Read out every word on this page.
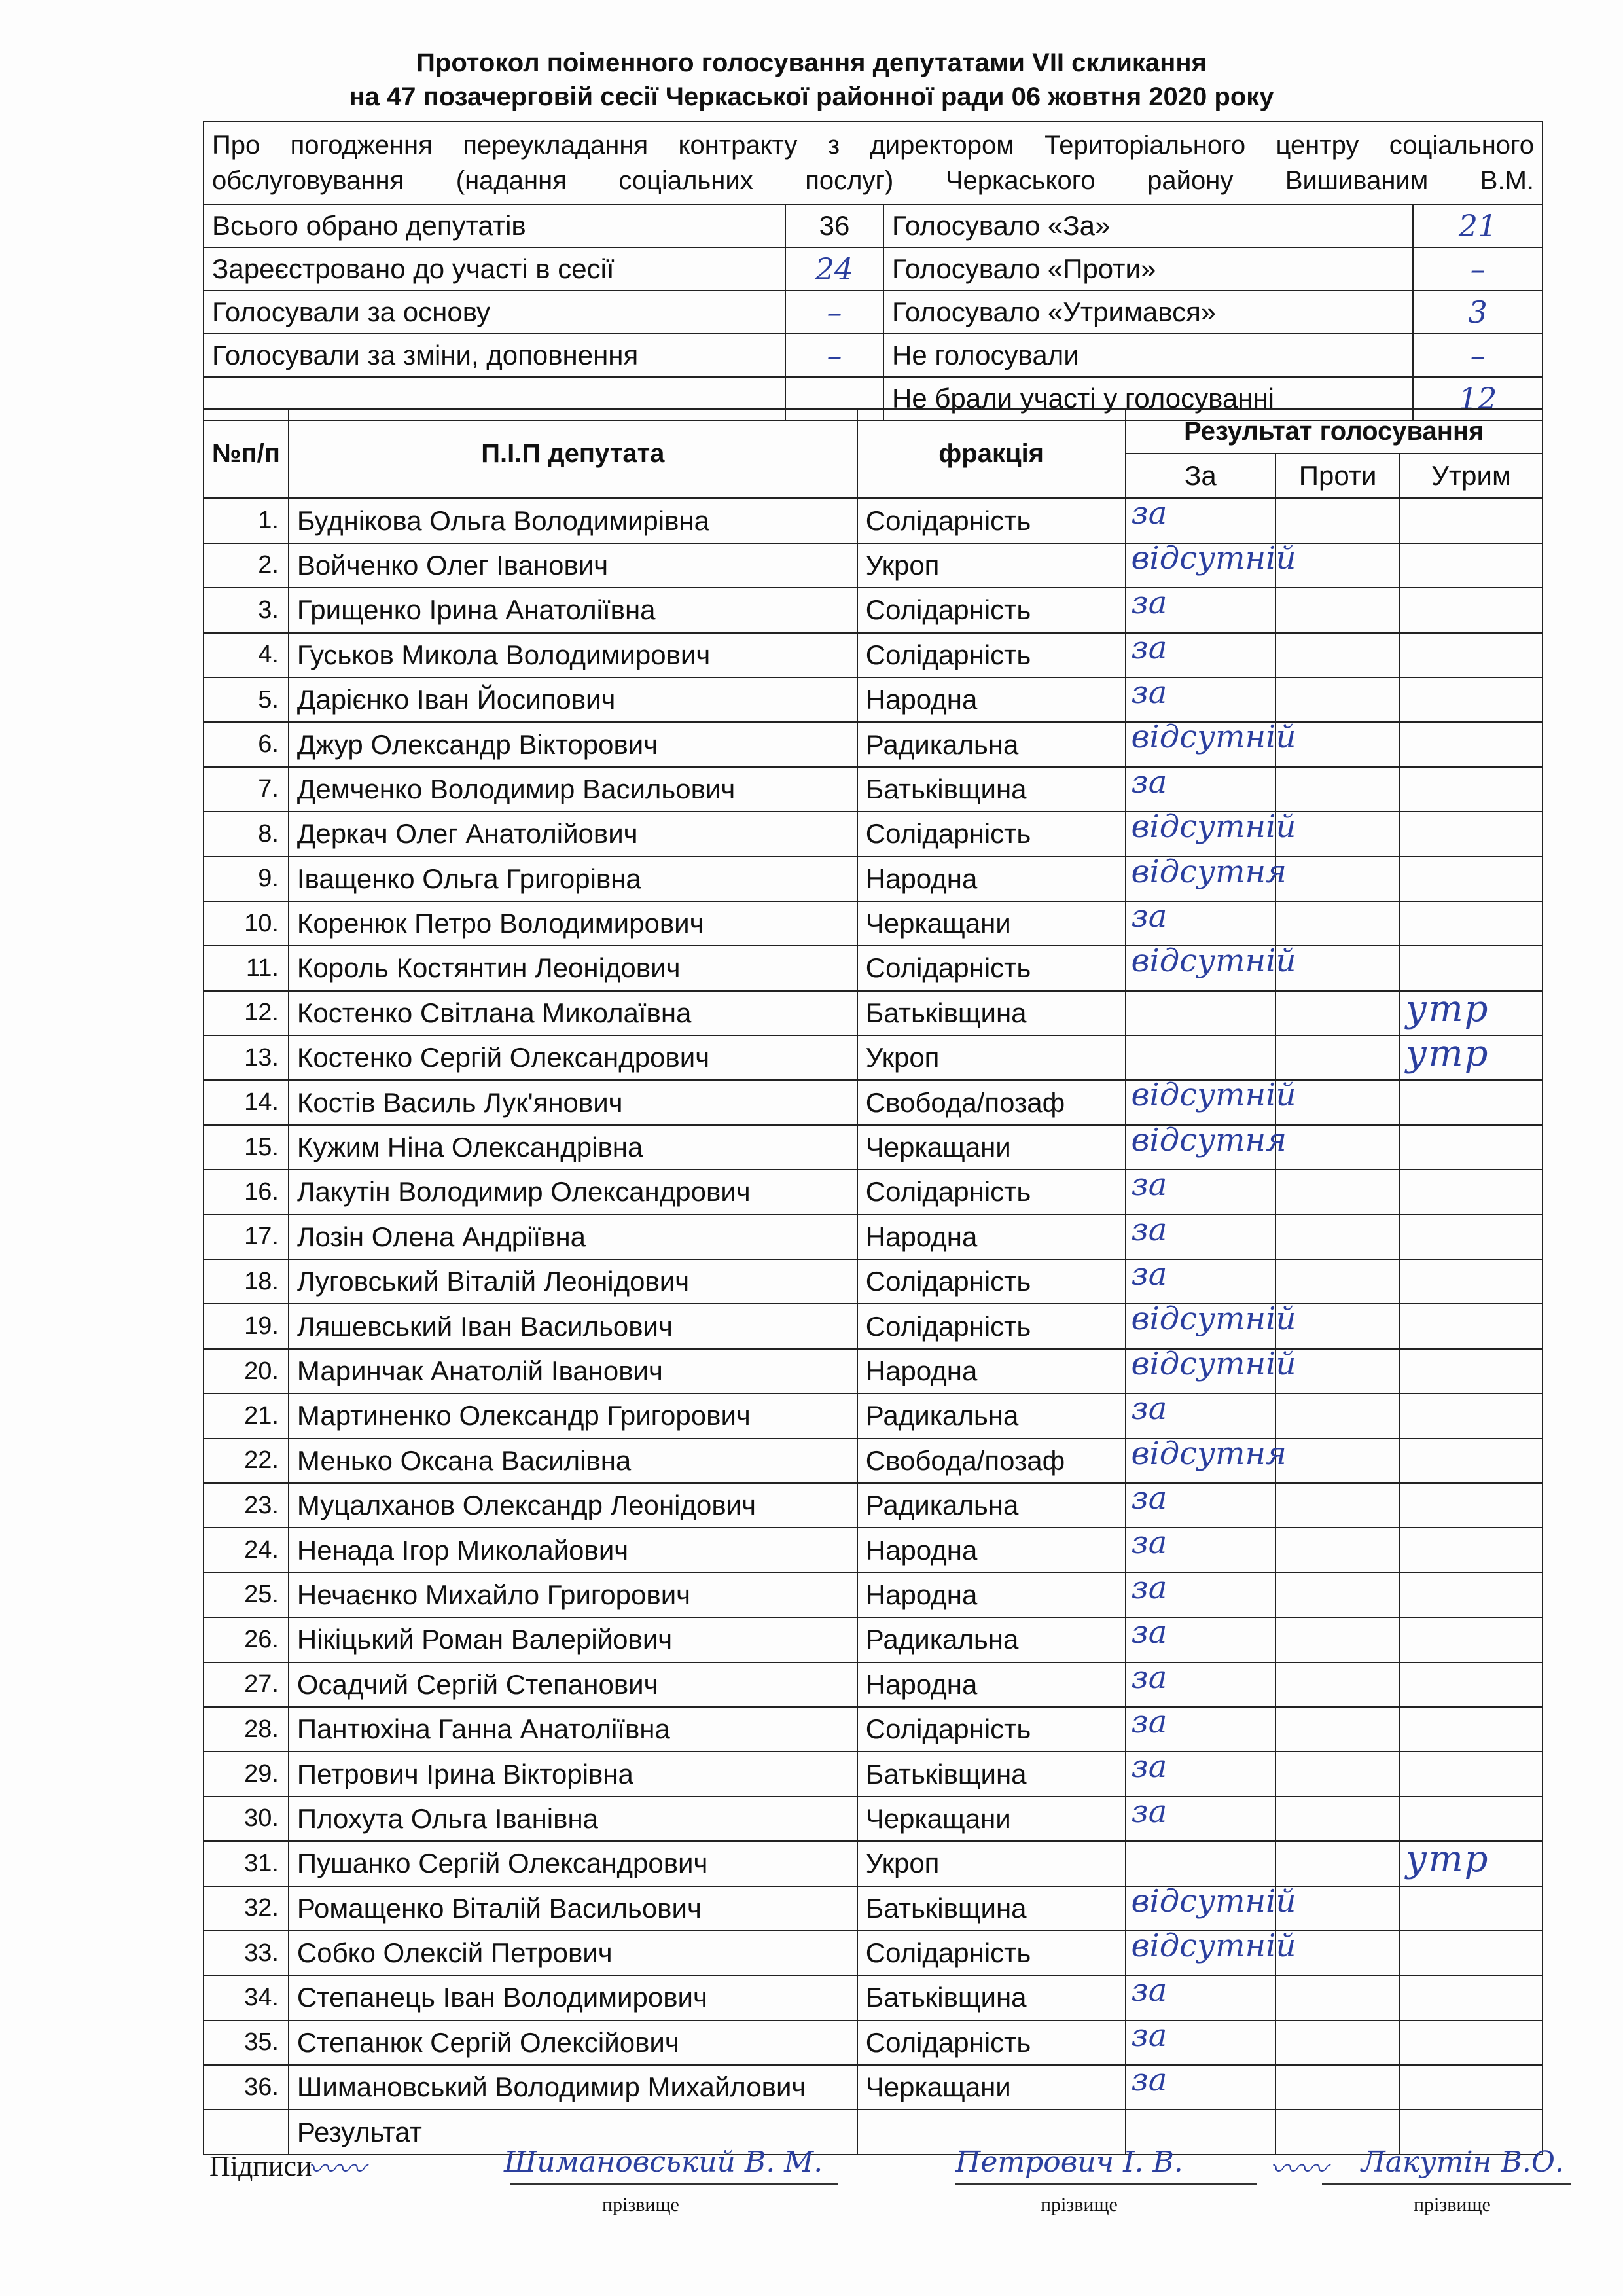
Протокол поіменного голосування депутатами VII скликання
на 47 позачерговій сесії Черкаської районної ради 06 жовтня 2020 року
Про погодження переукладання контракту з директором Територіального центру соціального обслуговування (надання соціальних послуг) Черкаського району Вишиваним В.М.			
Всього обрано депутатів	36	Голосувало «За»	21
Зареєстровано до участі в сесії	24	Голосувало «Проти»	–
Голосували за основу	–	Голосувало «Утримався»	3
Голосували за зміни, доповнення	–	Не голосували	–
		Не брали участі у голосуванні	12
№п/п	П.І.П депутата	фракція	Результат голосування		
			За	Проти	Утрим
1.	Буднікова Ольга Володимирівна	Солідарність	за		

2.	Войченко Олег Іванович	Укроп	відсутній		

3.	Грищенко Ірина Анатоліївна	Солідарність	за		

4.	Гуськов Микола Володимирович	Солідарність	за		

5.	Дарієнко Іван Йосипович	Народна	за		

6.	Джур Олександр Вікторович	Радикальна	відсутній		

7.	Демченко Володимир Васильович	Батьківщина	за		

8.	Деркач Олег Анатолійович	Солідарність	відсутній		

9.	Іващенко Ольга Григорівна	Народна	відсутня		

10.	Коренюк Петро Володимирович	Черкащани	за		

11.	Король Костянтин Леонідович	Солідарність	відсутній		

12.	Костенко Світлана Миколаївна	Батьківщина			утр

13.	Костенко Сергій Олександрович	Укроп			утр

14.	Костів Василь Лук'янович	Свобода/позаф	відсутній		

15.	Кужим Ніна Олександрівна	Черкащани	відсутня		

16.	Лакутін Володимир Олександрович	Солідарність	за		

17.	Лозін Олена Андріївна	Народна	за		

18.	Луговський Віталій Леонідович	Солідарність	за		

19.	Ляшевський Іван Васильович	Солідарність	відсутній		

20.	Маринчак Анатолій Іванович	Народна	відсутній		

21.	Мартиненко Олександр Григорович	Радикальна	за		

22.	Менько Оксана Василівна	Свобода/позаф	відсутня		

23.	Муцалханов Олександр Леонідович	Радикальна	за		

24.	Ненада Ігор Миколайович	Народна	за		

25.	Нечаєнко Михайло Григорович	Народна	за		

26.	Нікіцький Роман Валерійович	Радикальна	за		

27.	Осадчий Сергій Степанович	Народна	за		

28.	Пантюхіна Ганна Анатоліївна	Солідарність	за		

29.	Петрович Ірина Вікторівна	Батьківщина	за		

30.	Плохута Ольга Іванівна	Черкащани	за		

31.	Пушанко Сергій Олександрович	Укроп			утр

32.	Ромащенко Віталій Васильович	Батьківщина	відсутній		

33.	Собко Олексій Петрович	Солідарність	відсутній		

34.	Степанець Іван Володимирович	Батьківщина	за		

35.	Степанюк Сергій Олексійович	Солідарність	за		

36.	Шимановський Володимир Михайлович	Черкащани	за		

	Результат				
Підписи
〰〰	Шимановський В. М.
прізвище
Петрович І. В.
прізвище
〰〰 Лакутін В.О.
прізвище
